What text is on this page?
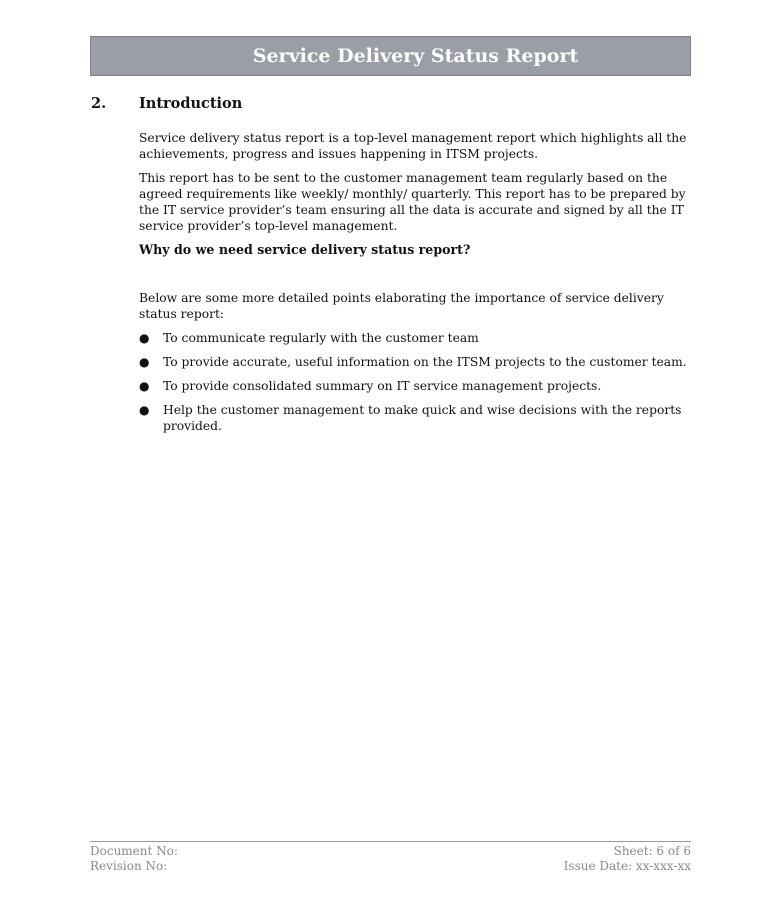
Service Delivery Status Report
2.	Introduction

Service delivery status report is a top-level management report which highlights all the achievements, progress and issues happening in ITSM projects.

This report has to be sent to the customer management team regularly based on the agreed requirements like weekly/ monthly/ quarterly. This report has to be prepared by the IT service provider’s team ensuring all the data is accurate and signed by all the IT service provider’s top-level management.

Why do we need service delivery status report?

Below are some more detailed points elaborating the importance of service delivery status report:

●	To communicate regularly with the customer team
●	To provide accurate, useful information on the ITSM projects to the customer team.
●	To provide consolidated summary on IT service management projects.
●	Help the customer management to make quick and wise decisions with the reports provided.
Document No:	Sheet: 6 of 6
Revision No:	Issue Date: xx-xxx-xx
